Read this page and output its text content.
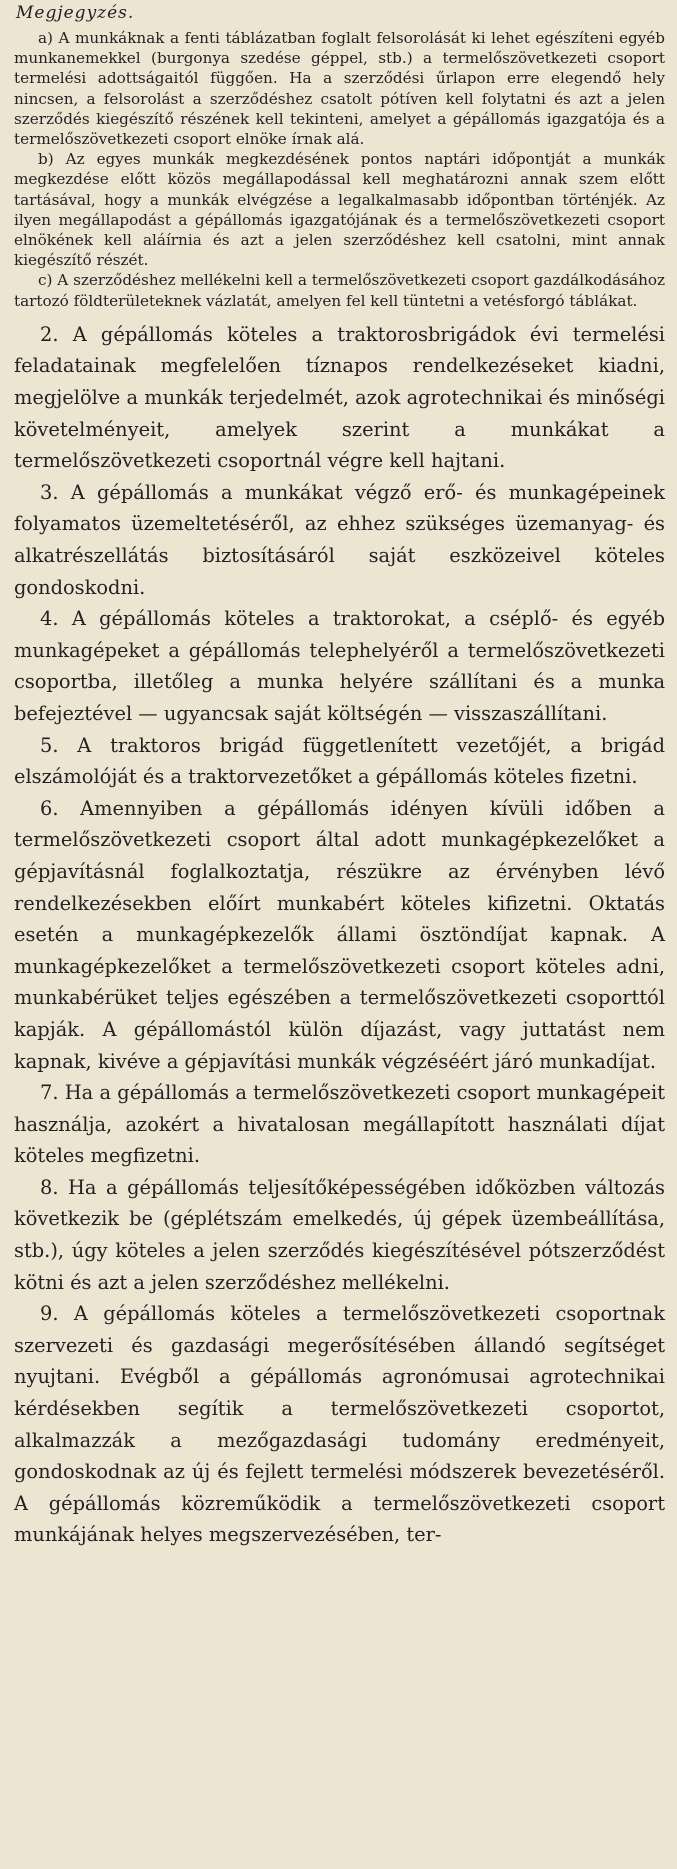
Megjegyzés.

a) A munkáknak a fenti táblázatban foglalt felsorolását ki lehet egészíteni egyéb munkanemekkel (burgonya szedése géppel, stb.) a termelőszövetkezeti csoport termelési adottságaitól függően. Ha a szerződési űrlapon erre elegendő hely nincsen, a felsorolást a szerződéshez csatolt pótíven kell folytatni és azt a jelen szerződés kiegészítő részének kell tekinteni, amelyet a gépállomás igazgatója és a termelőszövetkezeti csoport elnöke írnak alá.

b) Az egyes munkák megkezdésének pontos naptári időpontját a munkák megkezdése előtt közös megállapodással kell meghatározni annak szem előtt tartásával, hogy a munkák elvégzése a legalkalmasabb időpontban történjék. Az ilyen megállapodást a gépállomás igazgatójának és a termelőszövetkezeti csoport elnökének kell aláírnia és azt a jelen szerződéshez kell csatolni, mint annak kiegészítő részét.

c) A szerződéshez mellékelni kell a termelőszövetkezeti csoport gazdálkodásához tartozó földterületeknek vázlatát, amelyen fel kell tüntetni a vetésforgó táblákat.

2. A gépállomás köteles a traktorosbrigádok évi termelési feladatainak megfelelően tíznapos rendelkezéseket kiadni, megjelölve a munkák terjedelmét, azok agrotechnikai és minőségi követelményeit, amelyek szerint a munkákat a termelőszövetkezeti csoportnál végre kell hajtani.

3. A gépállomás a munkákat végző erő- és munkagépeinek folyamatos üzemeltetéséről, az ehhez szükséges üzemanyag- és alkatrészellátás biztosításáról saját eszközeivel köteles gondoskodni.

4. A gépállomás köteles a traktorokat, a cséplő- és egyéb munkagépeket a gépállomás telephelyéről a termelőszövetkezeti csoportba, illetőleg a munka helyére szállítani és a munka befejeztével — ugyancsak saját költségén — visszaszállítani.

5. A traktoros brigád függetlenített vezetőjét, a brigád elszámolóját és a traktorvezetőket a gépállomás köteles fizetni.

6. Amennyiben a gépállomás idényen kívüli időben a termelőszövetkezeti csoport által adott munkagépkezelőket a gépjavításnál foglalkoztatja, részükre az érvényben lévő rendelkezésekben előírt munkabért köteles kifizetni. Oktatás esetén a munkagépkezelők állami ösztöndíjat kapnak. A munkagépkezelőket a termelőszövetkezeti csoport köteles adni, munkabérüket teljes egészében a termelőszövetkezeti csoporttól kapják. A gépállomástól külön díjazást, vagy juttatást nem kapnak, kivéve a gépjavítási munkák végzéséért járó munkadíjat.

7. Ha a gépállomás a termelőszövetkezeti csoport munkagépeit használja, azokért a hivatalosan megállapított használati díjat köteles megfizetni.

8. Ha a gépállomás teljesítőképességében időközben változás következik be (géplétszám emelkedés, új gépek üzembeállítása, stb.), úgy köteles a jelen szerződés kiegészítésével pótszerződést kötni és azt a jelen szerződéshez mellékelni.

9. A gépállomás köteles a termelőszövetkezeti csoportnak szervezeti és gazdasági megerősítésében állandó segítséget nyujtani. Evégből a gépállomás agronómusai agrotechnikai kérdésekben segítik a termelőszövetkezeti csoportot, alkalmazzák a mezőgazdasági tudomány eredményeit, gondoskodnak az új és fejlett termelési módszerek bevezetéséről. A gépállomás közreműködik a termelőszövetkezeti csoport munkájának helyes megszervezésében, ter-
